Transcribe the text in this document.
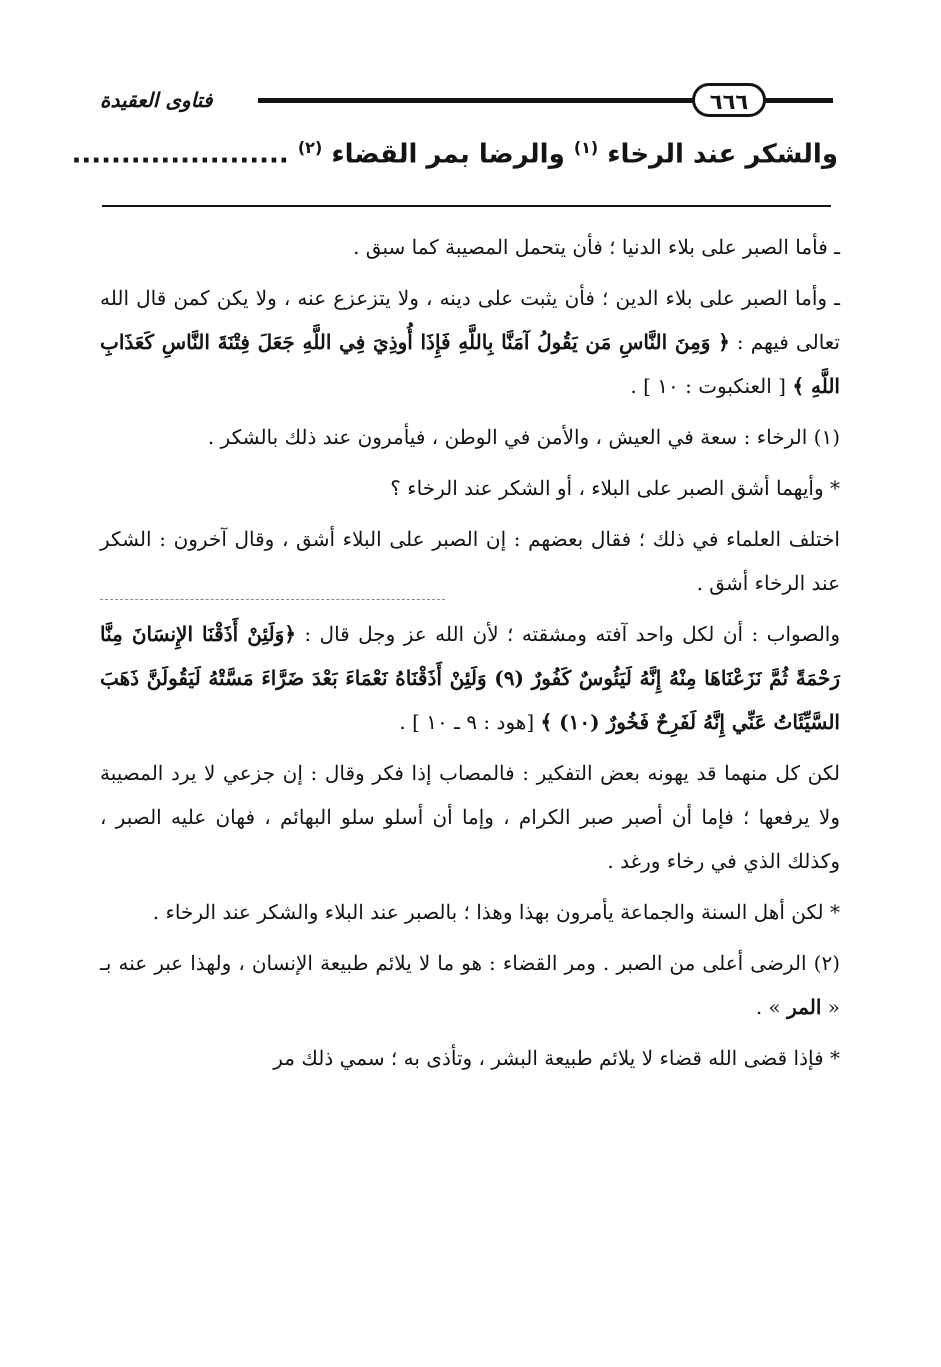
فتاوى العقيدة	٦٦٦
والشكر عند الرخاء $^{(١)}$ والرضا بمر القضاء $^{(٢)}$ ......................

ـ فأما الصبر على بلاء الدنيا ؛ فأن يتحمل المصيبة كما سبق .

ـ وأما الصبر على بلاء الدين ؛ فأن يثبت على دينه ، ولا يتزعزع عنه ، ولا يكن كمن قال الله تعالى فيهم : ﴿ وَمِنَ النَّاسِ مَن يَقُولُ آمَنَّا بِاللَّهِ فَإِذَا أُوذِيَ فِي اللَّهِ جَعَلَ فِتْنَةَ النَّاسِ كَعَذَابِ اللَّهِ ﴾ [ العنكبوت : ١٠ ] .

(١) الرخاء : سعة في العيش ، والأمن في الوطن ، فيأمرون عند ذلك بالشكر .

* وأيهما أشق الصبر على البلاء ، أو الشكر عند الرخاء ؟

اختلف العلماء في ذلك ؛ فقال بعضهم : إن الصبر على البلاء أشق ، وقال آخرون : الشكر عند الرخاء أشق .

والصواب : أن لكل واحد آفته ومشقته ؛ لأن الله عز وجل قال : ﴿وَلَئِنْ أَذَقْنَا الإِنسَانَ مِنَّا رَحْمَةً ثُمَّ نَزَعْنَاهَا مِنْهُ إِنَّهُ لَيَئُوسٌ كَفُورٌ (٩) وَلَئِنْ أَذَقْنَاهُ نَعْمَاءَ بَعْدَ ضَرَّاءَ مَسَّتْهُ لَيَقُولَنَّ ذَهَبَ السَّيِّئَاتُ عَنِّي إِنَّهُ لَفَرِحٌ فَخُورٌ (١٠) ﴾ [هود : ٩ ـ ١٠ ] .

لكن كل منهما قد يهونه بعض التفكير : فالمصاب إذا فكر وقال : إن جزعي لا يرد المصيبة ولا يرفعها ؛ فإما أن أصبر صبر الكرام ، وإما أن أسلو سلو البهائم ، فهان عليه الصبر ، وكذلك الذي في رخاء ورغد .

* لكن أهل السنة والجماعة يأمرون بهذا وهذا ؛ بالصبر عند البلاء والشكر عند الرخاء .

(٢) الرضى أعلى من الصبر . ومر القضاء : هو ما لا يلائم طبيعة الإنسان ، ولهذا عبر عنه بـ « المر » .

* فإذا قضى الله قضاء لا يلائم طبيعة البشر ، وتأذى به ؛ سمي ذلك مر
